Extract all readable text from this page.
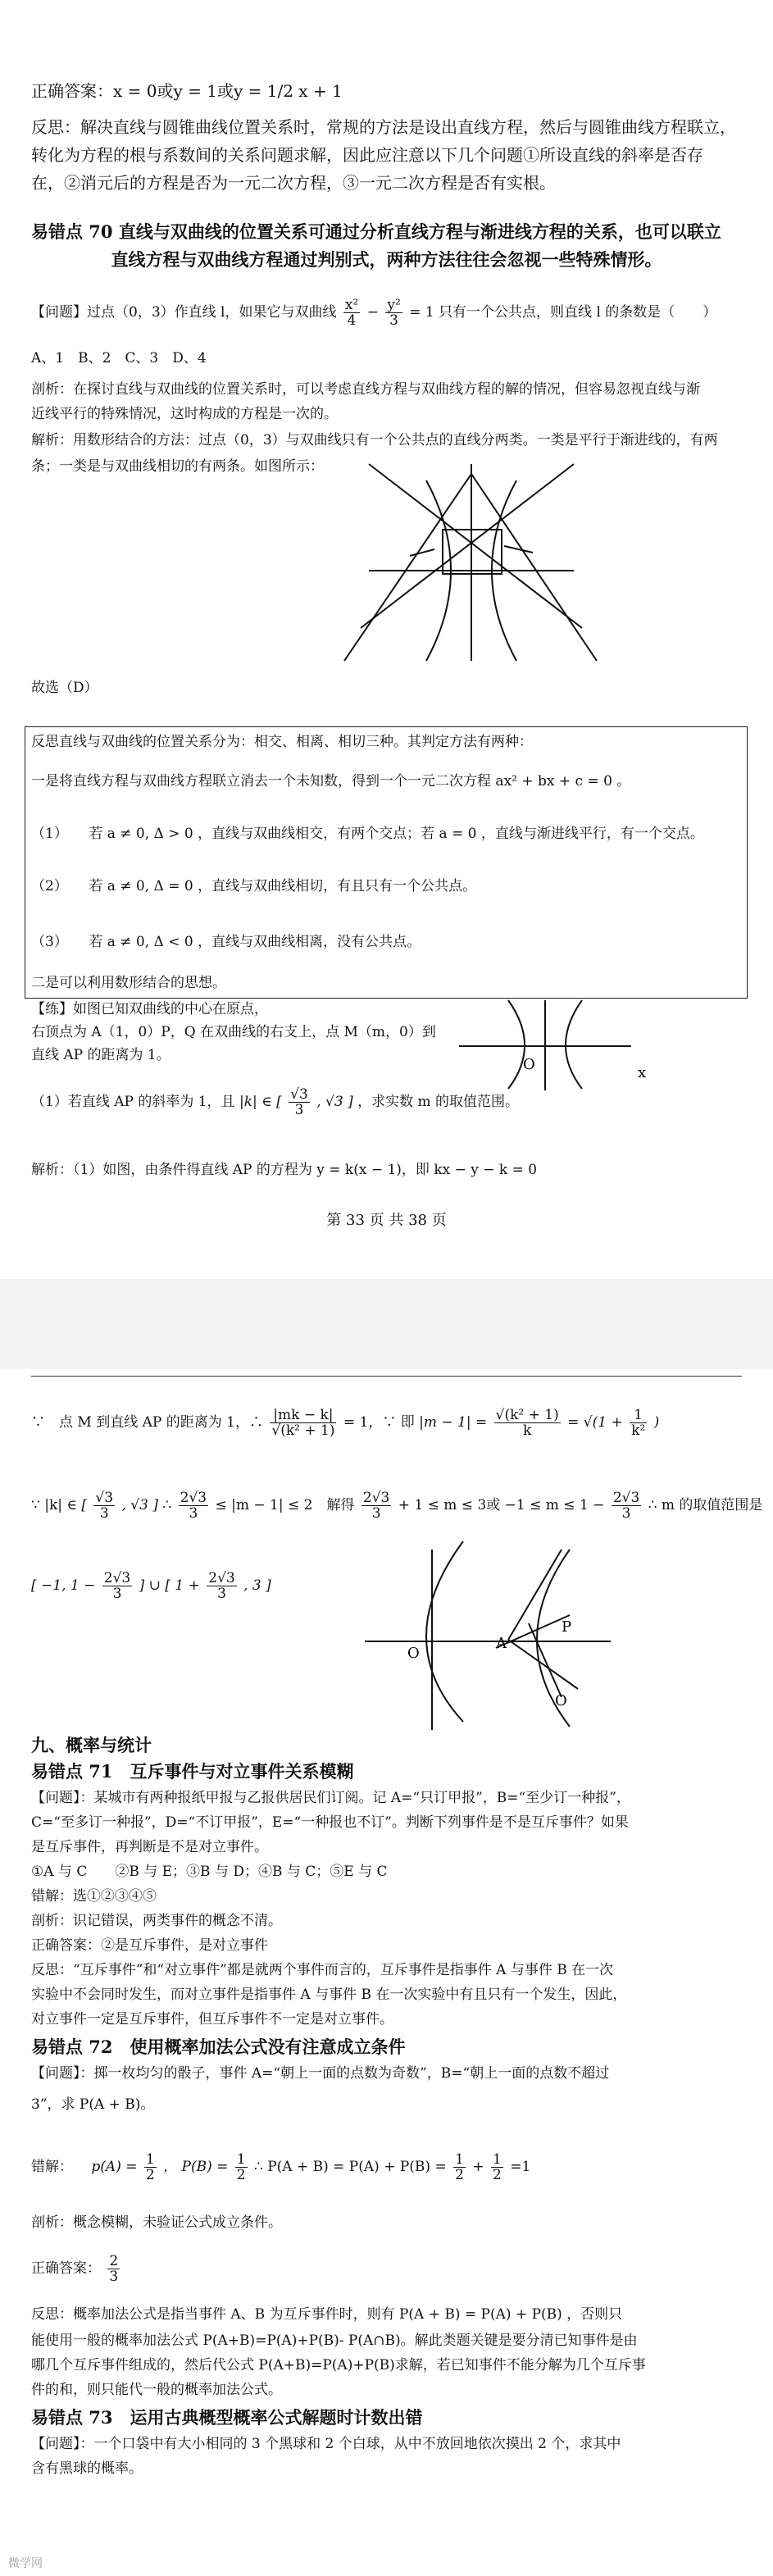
正确答案：x = 0或y = 1或y = 1/2 x + 1
反思：解决直线与圆锥曲线位置关系时，常规的方法是设出直线方程，然后与圆锥曲线方程联立，
转化为方程的根与系数间的关系问题求解，因此应注意以下几个问题①所设直线的斜率是否存
在，②消元后的方程是否为一元二次方程，③一元二次方程是否有实根。
易错点 70 直线与双曲线的位置关系可通过分析直线方程与渐进线方程的关系，也可以联立
直线方程与双曲线方程通过判别式，两种方法往往会忽视一些特殊情形。
【问题】过点（0，3）作直线 l，如果它与双曲线 $\frac{\text{x²}}{4} - \frac{\text{y²}}{3} = 1$ 只有一个公共点，则直线 l 的条数是（　　）
A、1　B、2　C、3　D、4
剖析：在探讨直线与双曲线的位置关系时，可以考虑直线方程与双曲线方程的解的情况，但容易忽视直线与渐
近线平行的特殊情况，这时构成的方程是一次的。
解析：用数形结合的方法：过点（0，3）与双曲线只有一个公共点的直线分两类。一类是平行于渐进线的，有两
条；一类是与双曲线相切的有两条。如图所示：
故选（D）
反思直线与双曲线的位置关系分为：相交、相离、相切三种。其判定方法有两种：
一是将直线方程与双曲线方程联立消去一个未知数，得到一个一元二次方程 ax² + bx + c = 0 。
（1）　　若 a ≠ 0, Δ > 0 ，直线与双曲线相交，有两个交点；若 a = 0 ，直线与渐进线平行，有一个交点。
（2）　　若 a ≠ 0, Δ = 0 ，直线与双曲线相切，有且只有一个公共点。
（3）　　若 a ≠ 0, Δ < 0 ，直线与双曲线相离，没有公共点。
二是可以利用数形结合的思想。
【练】如图已知双曲线的中心在原点，
右顶点为 A（1，0）P，Q 在双曲线的右支上，点 M（m，0）到
直线 AP 的距离为 1。
O	x
（1）若直线 AP 的斜率为 1，且 |k| ∈ [ $\frac{√3}{3}$ , √3 ] ，求实数 m 的取值范围。
解析：（1）如图，由条件得直线 AP 的方程为 y = k(x − 1)，即 kx − y − k = 0
第 33 页 共 38 页
∵　点 M 到直线 AP 的距离为 1，∴ $\frac{|mk - k|}{\text{√(k² + 1)}} = 1$，∵ 即 $|m - 1| = \frac{\text{√(k² + 1)}}{k} = √(1 + \frac{1}{\text{k²}}$ )
∵ |k| ∈ [ $\frac{√3}{3}$ , √3 ] ∴ $\frac{2√3}{3} \le |m - 1| \le 2$　解得 $\frac{2√3}{3} + 1 \le m \le 3$或 $-1 \le m \le 1 - \frac{2√3}{3}$ ∴ m 的取值范围是
[ −1, $1 - \frac{2√3}{3}$ ] ∪ [ $1 + \frac{2√3}{3}$ , 3 ]
P
A
O
O
九、概率与统计
易错点 71　互斥事件与对立事件关系模糊
【问题】：某城市有两种报纸甲报与乙报供居民们订阅。记 A=“只订甲报”，B=“至少订一种报”，
C=“至多订一种报”，D=“不订甲报”，E=“一种报也不订”。判断下列事件是不是互斥事件？如果
是互斥事件，再判断是不是对立事件。
①A 与 C　　②B 与 E；③B 与 D；④B 与 C；⑤E 与 C
错解：选①②③④⑤
剖析：识记错误，两类事件的概念不清。
正确答案：②是互斥事件，是对立事件
反思：“互斥事件”和“对立事件”都是就两个事件而言的，互斥事件是指事件 A 与事件 B 在一次
实验中不会同时发生，而对立事件是指事件 A 与事件 B 在一次实验中有且只有一个发生，因此，
对立事件一定是互斥事件，但互斥事件不一定是对立事件。
易错点 72　使用概率加法公式没有注意成立条件
【问题】：掷一枚均匀的骰子，事件 A=“朝上一面的点数为奇数”，B=“朝上一面的点数不超过
3”，求 P(A + B)。
错解： 　$p(A) = \frac{1}{2}$ ， $P(B) = \frac{1}{2}$ ∴ $P(A + B) = P(A) + P(B) = \frac{1}{2} + \frac{1}{2} =1$
剖析：概念模糊，未验证公式成立条件。
正确答案： $\frac{2}{3}$
反思：概率加法公式是指当事件 A、B 为互斥事件时，则有 P(A + B) = P(A) + P(B) ，否则只
能使用一般的概率加法公式 P(A+B)=P(A)+P(B)- P(A∩B)。解此类题关键是要分清已知事件是由
哪几个互斥事件组成的，然后代公式 P(A+B)=P(A)+P(B)求解，若已知事件不能分解为几个互斥事
件的和，则只能代一般的概率加法公式。
易错点 73　运用古典概型概率公式解题时计数出错
【问题】：一个口袋中有大小相同的 3 个黑球和 2 个白球，从中不放回地依次摸出 2 个，求其中
含有黑球的概率。
微学网
